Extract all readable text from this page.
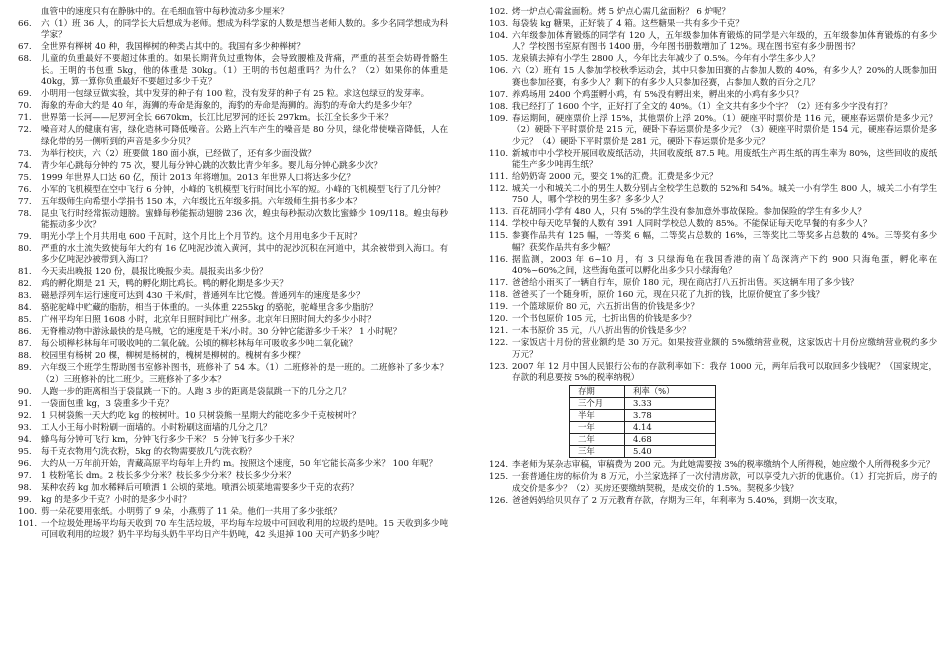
血管中的速度只有在静脉中的。在毛细血管中每秒流动多少厘米？
66.	六（1）班 36 人，的同学长大后想成为老师。想成为科学家的人数是想当老师人数的。多少名同学想成为科学家？
67.	全世界有榉树 40 种，我国榉树的种类占其中的。我国有多少种榉树？
68.	儿童的负重最好不要超过体重的。如果长期背负过重物体，会导致腰椎及背痛，严重的甚至会妨碍骨骼生长。王明的书包重 5kg，他的体重是 30kg。（1）王明的书包超重吗？为什么？（2）如果你的体重是 40kg，算一算你负重最好不要超过多少千克？
69.	小明用一包绿豆做实验，其中发芽的种子有 100 粒，没有发芽的种子有 25 粒。求这包绿豆的发芽率。
70.	海象的寿命大约是 40 年，海狮的寿命是海象的，海豹的寿命是海狮的。海豹的寿命大约是多少年？
71.	世界第一长河——尼罗河全长 6670km，长江比尼罗河的还长 297km。长江全长多少千米？
72.	噪音对人的健康有害，绿化造林可降低噪音。公路上汽车产生的噪音是 80 分贝，绿化带使噪音降低，人在绿化带的另一侧听到的声音是多少分贝？
73.	为举行校庆，六（2）班要做 180 面小旗，已经做了，还有多少面没做？
74.	青少年心跳每分钟约 75 次，婴儿每分钟心跳的次数比青少年多。婴儿每分钟心跳多少次？
75.	1999 年世界人口达 60 亿，预计 2013 年将增加。2013 年世界人口将达多少亿？
76.	小军的飞机模型在空中飞行 6 分钟，小峰的飞机模型飞行时间比小军的短。小峰的飞机模型飞行了几分钟？
77.	五年级师生向希望小学捐书 150 本，六年级比五年级多捐。六年级师生捐书多少本？
78.	昆虫飞行时经常振动翅膀。蜜蜂每秒能振动翅膀 236 次，蝗虫每秒振动次数比蜜蜂少 109/118。蝗虫每秒能振动多少次？
79.	明光小学上个月共用电 600 千瓦时，这个月比上个月节约。这个月用电多少千瓦时？
80.	严重的水土流失致使每年大约有 16 亿吨泥沙流入黄河，其中的泥沙沉积在河道中，其余被带到入海口。有多少亿吨泥沙被带到入海口？
81.	今天卖出晚报 120 份，晨报比晚报少卖。晨报卖出多少份？
82.	鸡的孵化期是 21 天，鸭的孵化期比鸡长。鸭的孵化期是多少天？
83.	磁悬浮列车运行速度可达到 430 千米/时，普通列车比它慢。普通列车的速度是多少？
84.	骆驼驼峰中贮藏的脂肪，相当于体重的。一头体重 2255kg 的骆驼，驼峰里含多少脂肪？
85.	广州平均年日照 1608 小时，北京年日照时间比广州多。北京年日照时间大约多少小时？
86.	无脊椎动物中游泳最快的是乌贼，它的速度是千米/小时。30 分钟它能游多少千米？ 1 小时呢？
87.	每公顷榉杉林每年可吸收吨的二氧化硫。公顷的柳杉林每年可吸收多少吨二氧化硫？
88.	校园里有杨树 20 棵，柳树是杨树的，槐树是柳树的。槐树有多少棵？
89.	六年级三个班学生帮助图书室修补图书，班修补了 54 本。（1）二班修补的是一班的。二班修补了多少本？（2）三班修补的比二班少。三班修补了多少本？
90.	人跑一步的距离相当于袋鼠跳一下的。人跑 3 步的距离是袋鼠跳一下的几分之几？
91.	一袋面包重 kg，3 袋重多少千克？
92.	1 只树袋熊一天大约吃 kg 的桉树叶。10 只树袋熊一星期大约能吃多少千克桉树叶？
93.	工人小王每小时粉刷一面墙的。小时粉刷这面墙的几分之几？
94.	蜂鸟每分钟可飞行 km，分钟飞行多少千米？ 5 分钟飞行多少千米？
95.	每千克衣物用勺洗衣粉，5kg 的衣物需要放几勺洗衣粉？
96.	大约从一万年前开始，青藏高原平均每年上升约 m。按照这个速度，50 年它能长高多少米？ 100 年呢？
97.	1 枝粉笔长 dm。2 枝长多少分米？枝长多少分米？枝长多少分米？
98.	某种农药 kg 加水稀释后可喷洒 1 公顷的菜地。喷洒公顷菜地需要多少千克的农药？
99.	kg 的是多少千克？小时的是多少小时？
100. 剪一朵花要用张纸。小明剪了 9 朵，小燕剪了 11 朵。他们一共用了多少张纸？
101. 一个垃圾处理场平均每天收到 70 车生活垃圾，平均每车垃圾中可回收利用的垃圾约是吨。15 天收到多少吨可回收利用的垃圾？奶牛平均每头奶牛平均日产牛奶吨，42 头退掉 100 天可产奶多少吨？
102. 烤一炉点心需盆面粉。烤 5 炉点心需几盆面粉？ 6 炉呢？
103. 每袋装 kg 糖果，正好装了 4 箱。这些糖果一共有多少千克？
104. 六年级参加体育锻炼的同学有 120 人，五年级参加体育锻炼的同学是六年级的，五年级参加体育锻炼的有多少人？学校图书室原有图书 1400 册，今年图书册数增加了 12%。现在图书室有多少册图书？
105. 龙泉镇去掉有小学生 2800 人，今年比去年减少了 0.5%。今年有小学生多少人？
106. 六（2）班有 15 人参加学校秋季运动会，其中只参加田赛的占参加人数的 40%，有多少人？20%的人既参加田赛也参加径赛，有多少人？剩下的有多少人只参加径赛，占参加人数的百分之几？
107. 养鸡场用 2400 个鸡蛋孵小鸡，有 5%没有孵出来，孵出来的小鸡有多少只？
108. 我已经打了 1600 个字，正好打了全文的 40%。（1）全文共有多少个字？（2）还有多少字没有打？
109. 春运期间，硬座票价上浮 15%，其他票价上浮 20%。（1）硬座平时票价是 116 元，硬座春运票价是多少元？（2）硬卧下平时票价是 215 元，硬卧下春运票价是多少元？（3）硬座平时票价是 154 元，硬座春运票价是多少元？（4）硬卧下平时票价是 281 元，硬卧下春运票价是多少元？
110. 新城市中小学校开展回收废纸活动，共回收废纸 87.5 吨。用废纸生产再生纸的再生率为 80%，这些回收的废纸能生产多少吨再生纸？
111. 给奶奶寄 2000 元，要交 1%的汇费。汇费是多少元？
112. 城关一小和城关二小的男生人数分别占全校学生总数的 52%和 54%。城关一小有学生 800 人，城关二小有学生 750 人，哪个学校的男生多？多多少人？
113. 百花胡同小学有 480 人，只有 5%的学生没有参加意外事故保险。参加保险的学生有多少人？
114. 学校中每天吃早餐的人数有 391 人同时学校总人数的 85%。不能保证每天吃早餐的有多少人？
115. 参赛作品共有 125 幅，一等奖 6 幅，二等奖占总数的 16%，三等奖比二等奖多占总数的 4%。三等奖有多少幅？获奖作品共有多少幅？
116. 据监测，2003 年 6~10 月，有 3 只绿海龟在我国香港的南丫岛深湾产下约 900 只海龟蛋，孵化率在 40%~60%之间，这些海龟蛋可以孵化出多少只小绿海龟？
117. 爸爸给小雨买了一辆自行车，原价 180 元，现在商店打八五折出售。买这辆车用了多少钱？
118. 爸爸买了一个随身听，原价 160 元，现在只花了九折的钱，比原价便宜了多少钱？
119. 一个篮球原价 80 元，六五折出售的价钱是多少？
120. 一个书包原价 105 元，七折出售的价钱是多少？
121. 一本书原价 35 元，八八折出售的价钱是多少？
122. 一家饭店十月份的营业额约是 30 万元。如果按营业额的 5%缴纳营业税，这家饭店十月份应缴纳营业税约多少万元？
123. 2007 年 12 月中国人民银行公布的存款利率如下：我存 1000 元，两年后我可以取回多少钱呢？（国家规定，存款的利息要按 5%的税率纳税）
存期	利率（%）
三个月	3.33
半年	3.78
一年	4.14
二年	4.68
三年	5.40
124. 李老师为某杂志审稿，审稿费为 200 元。为此她需要按 3%的税率缴纳个人所得税，她应缴个人所得税多少元？
125. 一套普通住房的标价为 8 万元，小兰家选择了一次付清房款，可以享受九六折的优惠价。（1）打完折后，房子的成交价是多少？（2）买房还要缴纳契税，是成交价的 1.5%。契税多少钱？
126. 爸爸妈妈给贝贝存了 2 万元教育存款，存期为三年，年利率为 5.40%，到期一次支取，
